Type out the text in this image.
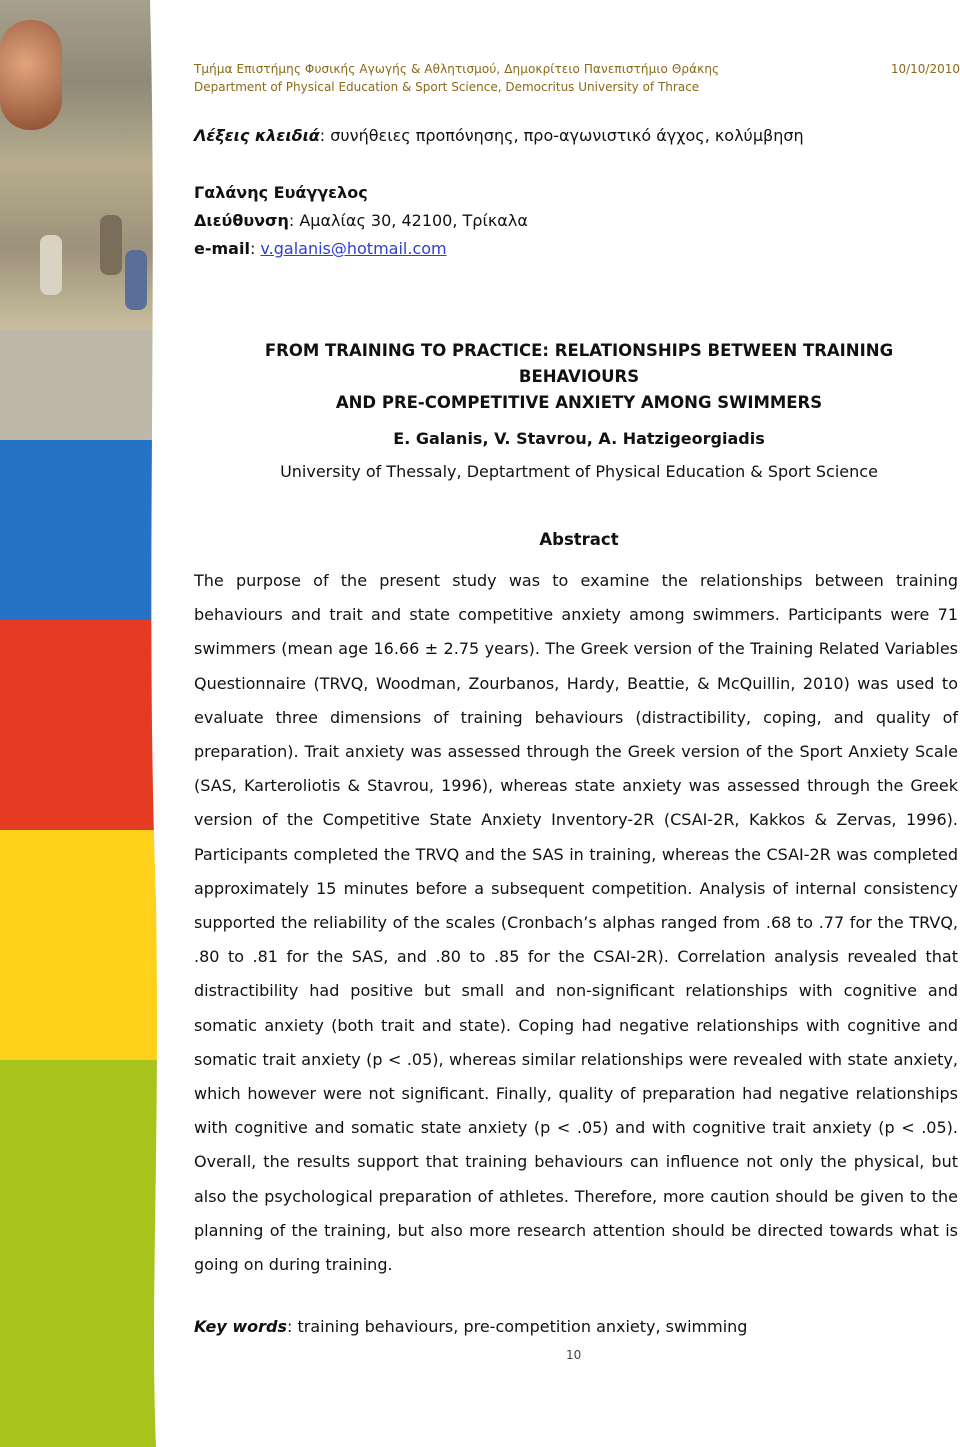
Τμήμα Επιστήμης Φυσικής Αγωγής & Αθλητισμού, Δημοκρίτειο Πανεπιστήμιο Θράκης
Department of Physical Education & Sport Science, Democritus University of Thrace
10/10/2010
Λέξεις κλειδιά: συνήθειες προπόνησης, προ-αγωνιστικό άγχος, κολύμβηση
Γαλάνης Ευάγγελος
Διεύθυνση: Αμαλίας 30, 42100, Τρίκαλα
e-mail: v.galanis@hotmail.com
FROM TRAINING TO PRACTICE: RELATIONSHIPS BETWEEN TRAINING
BEHAVIOURS
AND PRE-COMPETITIVE ANXIETY AMONG SWIMMERS
E. Galanis, V. Stavrou, A. Hatzigeorgiadis
University of Thessaly, Deptartment of Physical Education & Sport Science
Abstract
The purpose of the present study was to examine the relationships between training behaviours and trait and state competitive anxiety among swimmers. Participants were 71 swimmers (mean age 16.66 ± 2.75 years). The Greek version of the Training Related Variables Questionnaire (TRVQ, Woodman, Zourbanos, Hardy, Beattie, & McQuillin, 2010) was used to evaluate three dimensions of training behaviours (distractibility, coping, and quality of preparation). Trait anxiety was assessed through the Greek version of the Sport Anxiety Scale (SAS, Karteroliotis & Stavrou, 1996), whereas state anxiety was assessed through the Greek version of the Competitive State Anxiety Inventory-2R (CSAI-2R, Kakkos & Zervas, 1996). Participants completed the TRVQ and the SAS in training, whereas the CSAI-2R was completed approximately 15 minutes before a subsequent competition. Analysis of internal consistency supported the reliability of the scales (Cronbach’s alphas ranged from .68 to .77 for the TRVQ, .80 to .81 for the SAS, and .80 to .85 for the CSAI-2R). Correlation analysis revealed that distractibility had positive but small and non-significant relationships with cognitive and somatic anxiety (both trait and state). Coping had negative relationships with cognitive and somatic trait anxiety (p < .05), whereas similar relationships were revealed with state anxiety, which however were not significant. Finally, quality of preparation had negative relationships with cognitive and somatic state anxiety (p < .05) and with cognitive trait anxiety (p < .05). Overall, the results support that training behaviours can influence not only the physical, but also the psychological preparation of athletes. Therefore, more caution should be given to the planning of the training, but also more research attention should be directed towards what is going on during training.
Key words: training behaviours, pre-competition anxiety, swimming
10
